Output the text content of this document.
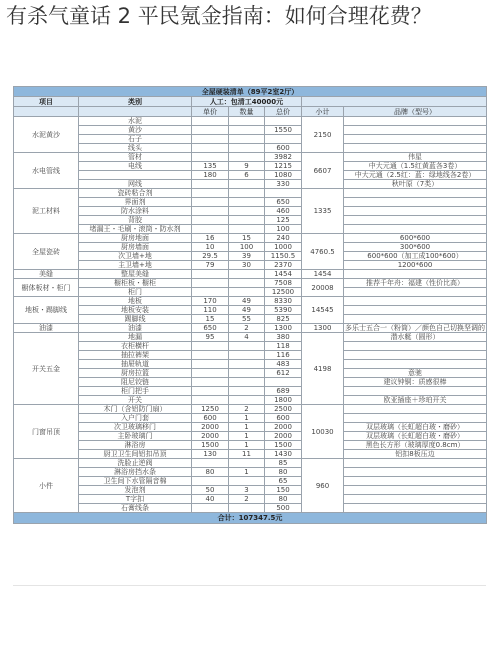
有杀气童话 2 平民氪金指南：如何合理花费？
全屋硬装清单（89平2室2厅）						
项目	类别	人工：包清工40000元				
		单价	数量	总价	小计	品牌（型号）
水泥黄沙	水泥				2150	
	黄沙			1550		
	石子					
	线头			600		
水电管线	管材			3982	6607	伟星
	电线	135	9	1215		中大元通（1.5红黄蓝各3卷）
		180	6	1080		中大元通（2.5红：蓝：绿地线各2卷）
	网线			330		秋叶原（7类）
泥工材料	瓷砖粘合剂				1335	
	界面剂			650		
	防水涂料			460		
	背胶			125		
	堵漏王・毛刷・滚筒・防水剂			100		
全屋瓷砖	厨房地面	16	15	240	4760.5	600*600
	厨房墙面	10	100	1000		300*600
	次卫墙+地	29.5	39	1150.5		600*600（加工成100*600）
	主卫墙+地	79	30	2370		1200*600
美缝	整屋美缝			1454	1454	
橱体板材・柜门	橱柜板・橱柜			7508	20008	推荐千年舟：福建（性价比高）
	柜门			12500		
地板・踢脚线	地板	170	49	8330	14545	
	地板安装	110	49	5390		
	踢脚线	15	55	825		
油漆	油漆	650	2	1300	1300	多乐士五合一（粉筒）／颜色自己切换坚调的
开关五金	地漏	95	4	380	4198	潜水艇（圆形）
	衣柜横杆			118		
	抽拉裤架			116		
	抽屉轨道			483		
	厨房拉篮			612		意驰
	阻尼铰链					建议钟铜：质感很棒
	柜门把手			689		
	开关			1800		欧亚插座＋珍珀开关
门窗吊顶	木门（含铝防门扇）	1250	2	2500	10030	
	入户门套	600	1	600		
	次卫玻璃移门	2000	1	2000		双层玻璃（长虹超白玻・磨砂）
	主卧玻璃门	2000	1	2000		双层玻璃（长虹超白玻・磨砂）
	淋浴房	1500	1	1500		黑色长方形（玻璃厚度0.8cm）
	厨卫卫生间铝扣吊顶	130	11	1430		铝扣8板压边
小件	洗脸止逆阀			85	960	
	淋浴房挡水条	80	1	80		
	卫生间下水管隔音棉			65		
	发泡剂	50	3	150		
	T字扣	40	2	80		
	石膏线条			500		
合计：107347.5元						
